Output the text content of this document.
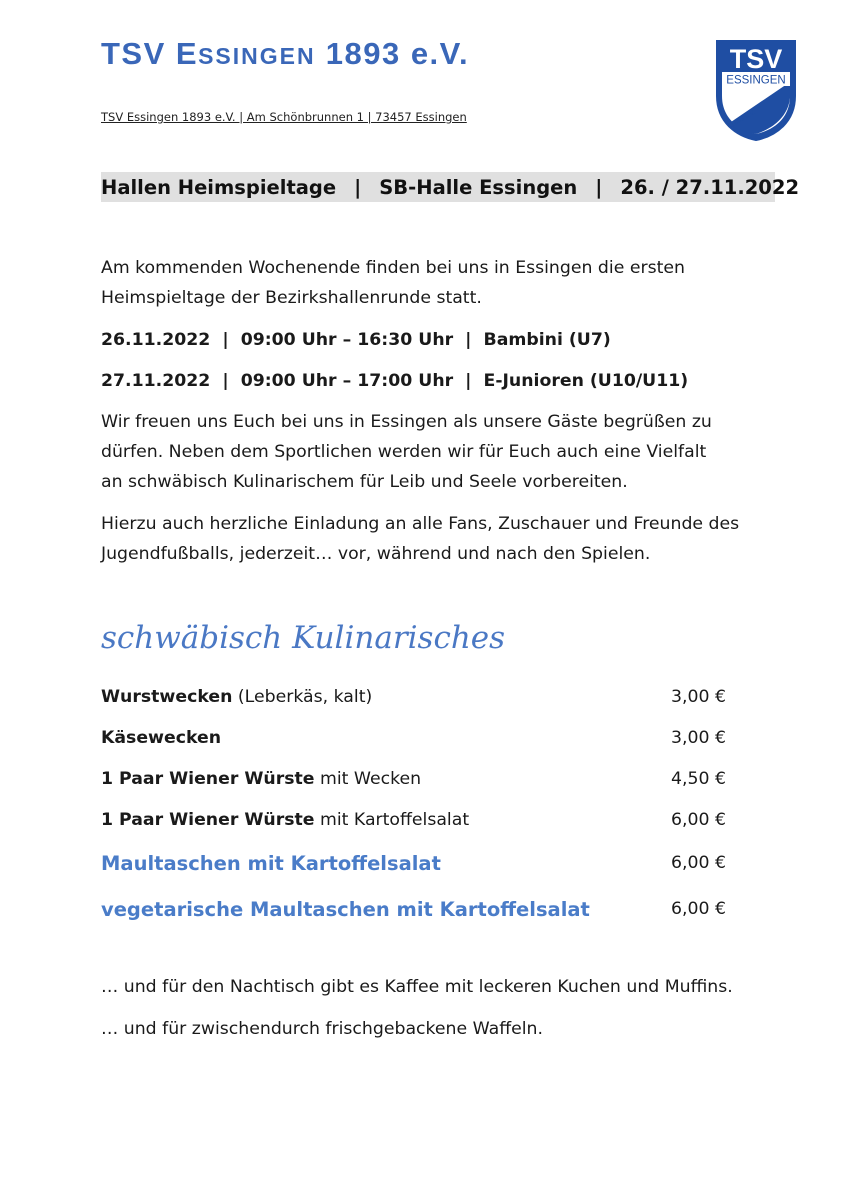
TSV ESSINGEN 1893 e.V.
TSV Essingen 1893 e.V. | Am Schönbrunnen 1 | 73457 Essingen
TSV
ESSINGEN
1893 e.V.
Hallen Heimspieltage | SB-Halle Essingen | 26. / 27.11.2022
Am kommenden Wochenende finden bei uns in Essingen die ersten
Heimspieltage der Bezirkshallenrunde statt.
26.11.2022  |  09:00 Uhr – 16:30 Uhr  |  Bambini (U7)
27.11.2022  |  09:00 Uhr – 17:00 Uhr  |  E-Junioren (U10/U11)
Wir freuen uns Euch bei uns in Essingen als unsere Gäste begrüßen zu
dürfen. Neben dem Sportlichen werden wir für Euch auch eine Vielfalt
an schwäbisch Kulinarischem für Leib und Seele vorbereiten.
Hierzu auch herzliche Einladung an alle Fans, Zuschauer und Freunde des
Jugendfußballs, jederzeit… vor, während und nach den Spielen.
schwäbisch Kulinarisches
Wurstwecken (Leberkäs, kalt)	3,00 €
Käsewecken	3,00 €
1 Paar Wiener Würste mit Wecken	4,50 €
1 Paar Wiener Würste mit Kartoffelsalat	6,00 €
Maultaschen mit Kartoffelsalat	6,00 €
vegetarische Maultaschen mit Kartoffelsalat	6,00 €
… und für den Nachtisch gibt es Kaffee mit leckeren Kuchen und Muffins.
… und für zwischendurch frischgebackene Waffeln.
